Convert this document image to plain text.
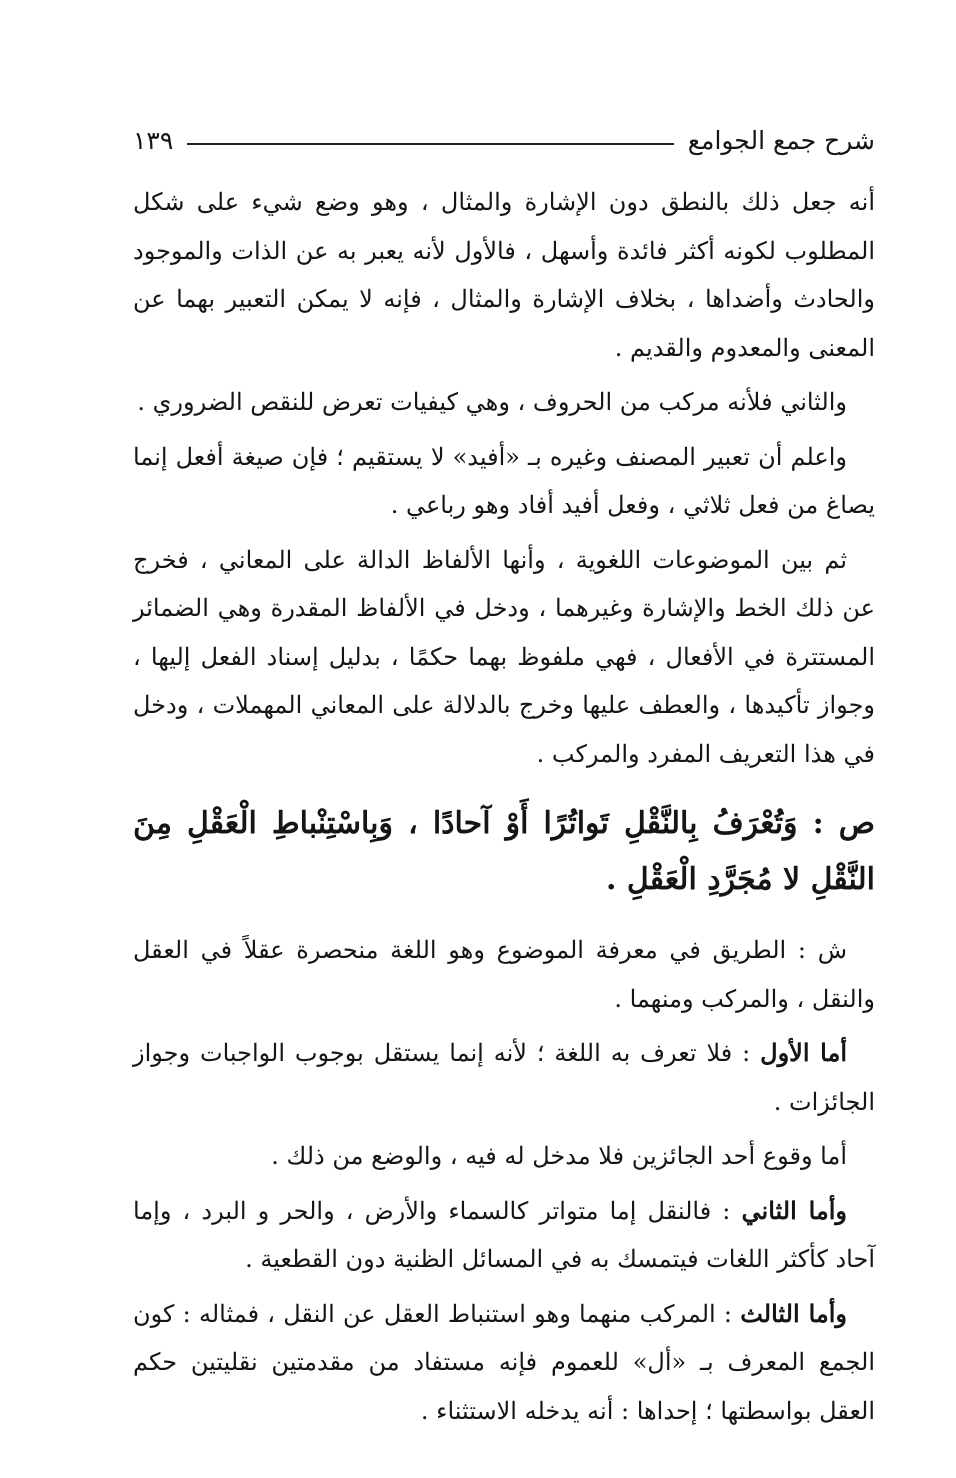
شرح جمع الجوامع
١٣٩

أنه جعل ذلك بالنطق دون الإشارة والمثال ، وهو وضع شيء على شكل المطلوب لكونه أكثر فائدة وأسهل ، فالأول لأنه يعبر به عن الذات والموجود والحادث وأضداها ، بخلاف الإشارة والمثال ، فإنه لا يمكن التعبير بهما عن المعنى والمعدوم والقديم .

والثاني فلأنه مركب من الحروف ، وهي كيفيات تعرض للنقص الضروري .

واعلم أن تعبير المصنف وغيره بـ «أفيد» لا يستقيم ؛ فإن صيغة أفعل إنما يصاغ من فعل ثلاثي ، وفعل أفيد أفاد وهو رباعي .

ثم بين الموضوعات اللغوية ، وأنها الألفاظ الدالة على المعاني ، فخرج عن ذلك الخط والإشارة وغيرهما ، ودخل في الألفاظ المقدرة وهي الضمائر المستترة في الأفعال ، فهي ملفوظ بهما حكمًا ، بدليل إسناد الفعل إليها ، وجواز تأكيدها ، والعطف عليها وخرج بالدلالة على المعاني المهملات ، ودخل في هذا التعريف المفرد والمركب .

ص : وَتُعْرَفُ بِالنَّقْلِ تَواتُرًا أَوْ آحادًا ، وَبِاسْتِنْباطِ الْعَقْلِ مِنَ النَّقْلِ لا مُجَرَّدِ الْعَقْلِ .

ش : الطريق في معرفة الموضوع وهو اللغة منحصرة عقلاً في العقل والنقل ، والمركب ومنهما .

أما الأول : فلا تعرف به اللغة ؛ لأنه إنما يستقل بوجوب الواجبات وجواز الجائزات .

أما وقوع أحد الجائزين فلا مدخل له فيه ، والوضع من ذلك .

وأما الثاني : فالنقل إما متواتر كالسماء والأرض ، والحر و البرد ، وإما آحاد كأكثر اللغات فيتمسك به في المسائل الظنية دون القطعية .

وأما الثالث : المركب منهما وهو استنباط العقل عن النقل ، فمثاله : كون الجمع المعرف بـ «أل» للعموم فإنه مستفاد من مقدمتين نقليتين حكم العقل بواسطتها ؛ إحداها : أنه يدخله الاستثناء .
